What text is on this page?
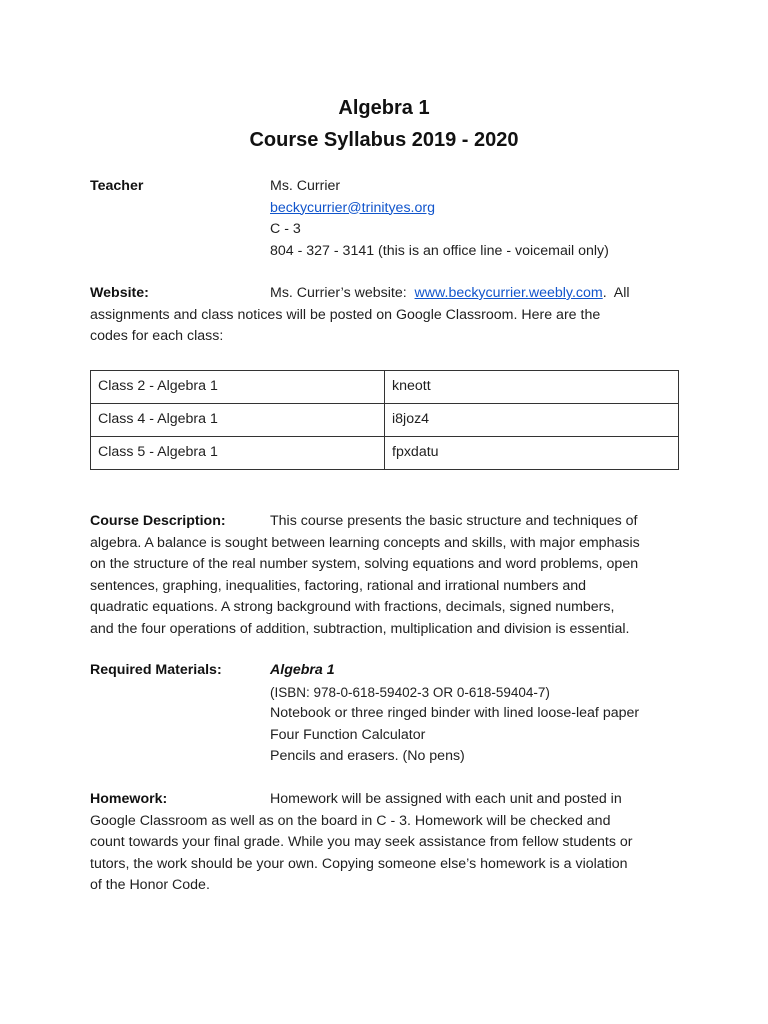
Algebra 1
Course Syllabus 2019 - 2020
Teacher	Ms. Currier
beckycurrier@trinityes.org
C - 3
804 - 327 - 3141 (this is an office line - voicemail only)
Website:	Ms. Currier’s website:  www.beckycurrier.weebly.com.  All
assignments and class notices will be posted on Google Classroom. Here are the
codes for each class:
Class 2 - Algebra 1	kneott
Class 4 - Algebra 1	i8joz4
Class 5 - Algebra 1	fpxdatu
Course Description:	This course presents the basic structure and techniques of
algebra. A balance is sought between learning concepts and skills, with major emphasis
on the structure of the real number system, solving equations and word problems, open
sentences, graphing, inequalities, factoring, rational and irrational numbers and
quadratic equations. A strong background with fractions, decimals, signed numbers,
and the four operations of addition, subtraction, multiplication and division is essential.
Required Materials:	Algebra 1
(ISBN: 978-0-618-59402-3 OR 0-618-59404-7)
Notebook or three ringed binder with lined loose-leaf paper
Four Function Calculator
Pencils and erasers. (No pens)
Homework:	Homework will be assigned with each unit and posted in
Google Classroom as well as on the board in C - 3. Homework will be checked and
count towards your final grade. While you may seek assistance from fellow students or
tutors, the work should be your own. Copying someone else’s homework is a violation
of the Honor Code.
